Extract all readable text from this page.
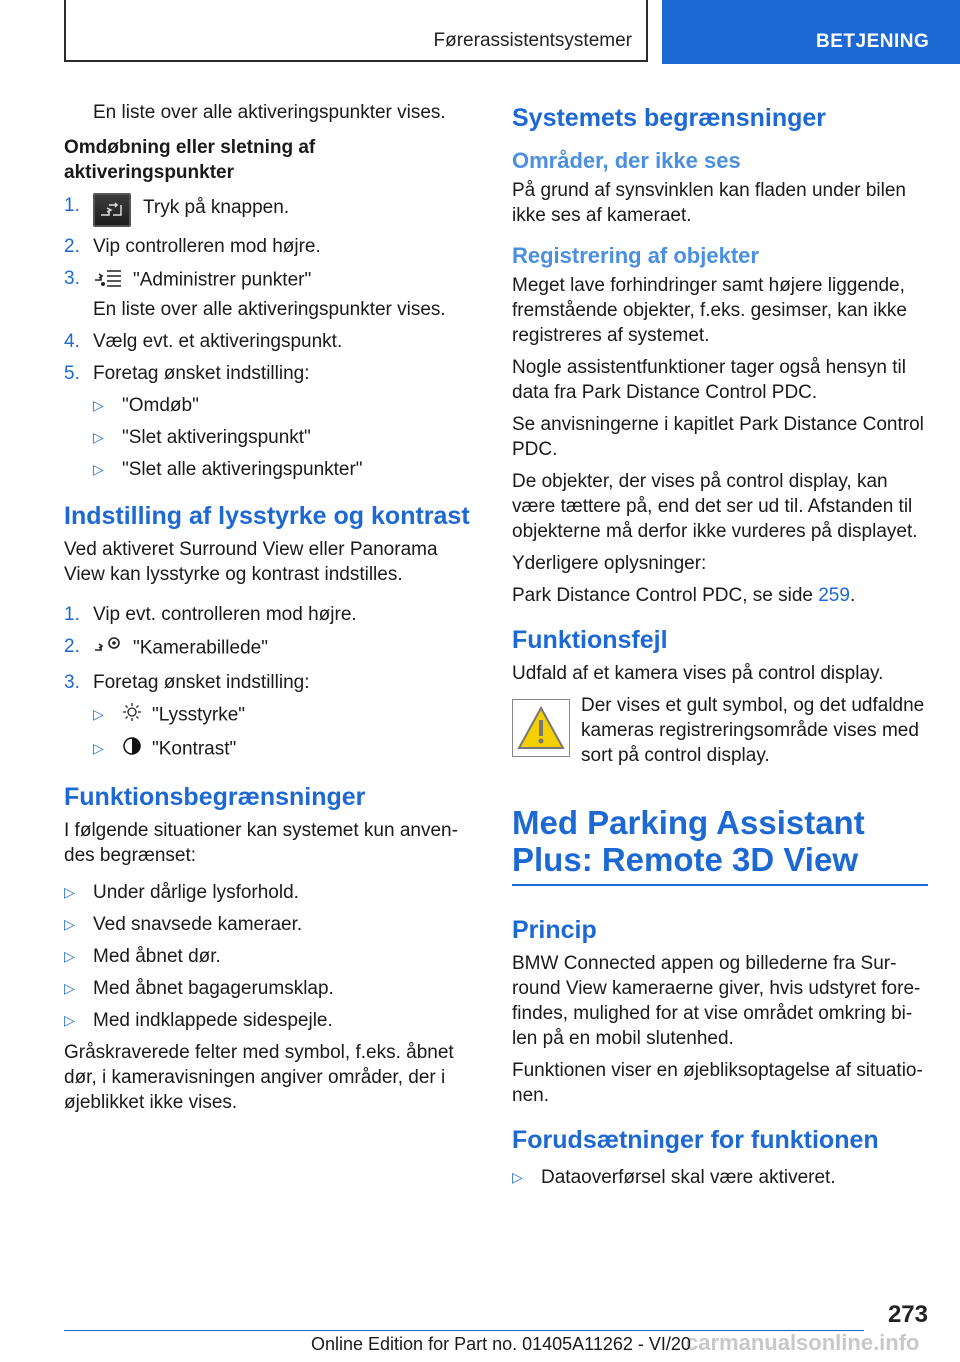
Førerassistentsystemer	BETJENING

En liste over alle aktiveringspunkter vises.

Omdøbning eller sletning af aktiveringspunkter
1.	Tryk på knappen.
2. Vip controlleren mod højre.
3.	"Administrer punkter"

En liste over alle aktiveringspunkter vises.

4. Vælg evt. et aktiveringspunkt.
5. Foretag ønsket indstilling:
▷ "Omdøb"
▷ "Slet aktiveringspunkt"
▷ "Slet alle aktiveringspunkter"
Indstilling af lysstyrke og kontrast

Ved aktiveret Surround View eller Panorama View kan lysstyrke og kontrast indstilles.

1. Vip evt. controlleren mod højre.
2.	"Kamerabillede"
3. Foretag ønsket indstilling:
▷	"Lysstyrke"
▷	"Kontrast"
Funktionsbegrænsninger

I følgende situationer kan systemet kun anvendes begrænset:

▷ Under dårlige lysforhold.
▷ Ved snavsede kameraer.
▷ Med åbnet dør.
▷ Med åbnet bagagerumsklap.
▷ Med indklappede sidespejle.

Gråskraverede felter med symbol, f.eks. åbnet dør, i kameravisningen angiver områder, der i øjeblikket ikke vises.

Systemets begrænsninger
Områder, der ikke ses

På grund af synsvinklen kan fladen under bilen ikke ses af kameraet.

Registrering af objekter

Meget lave forhindringer samt højere liggende, fremstående objekter, f.eks. gesimser, kan ikke registreres af systemet.

Nogle assistentfunktioner tager også hensyn til data fra Park Distance Control PDC.

Se anvisningerne i kapitlet Park Distance Control PDC.

De objekter, der vises på control display, kan være tættere på, end det ser ud til. Afstanden til objekterne må derfor ikke vurderes på displayet.

Yderligere oplysninger:

Park Distance Control PDC, se side 259.

Funktionsfejl

Udfald af et kamera vises på control display.

Der vises et gult symbol, og det udfaldne kameras registreringsområde vises med sort på control display.

Med Parking Assistant Plus: Remote 3D View
Princip

BMW Connected appen og billederne fra Surround View kameraerne giver, hvis udstyret forefindes, mulighed for at vise området omkring bilen på en mobil slutenhed.

Funktionen viser en øjebliksoptagelse af situationen.

Forudsætninger for funktionen
▷ Dataoverførsel skal være aktiveret.
273
carmanualsonline.info
Online Edition for Part no. 01405A11262 - VI/20
